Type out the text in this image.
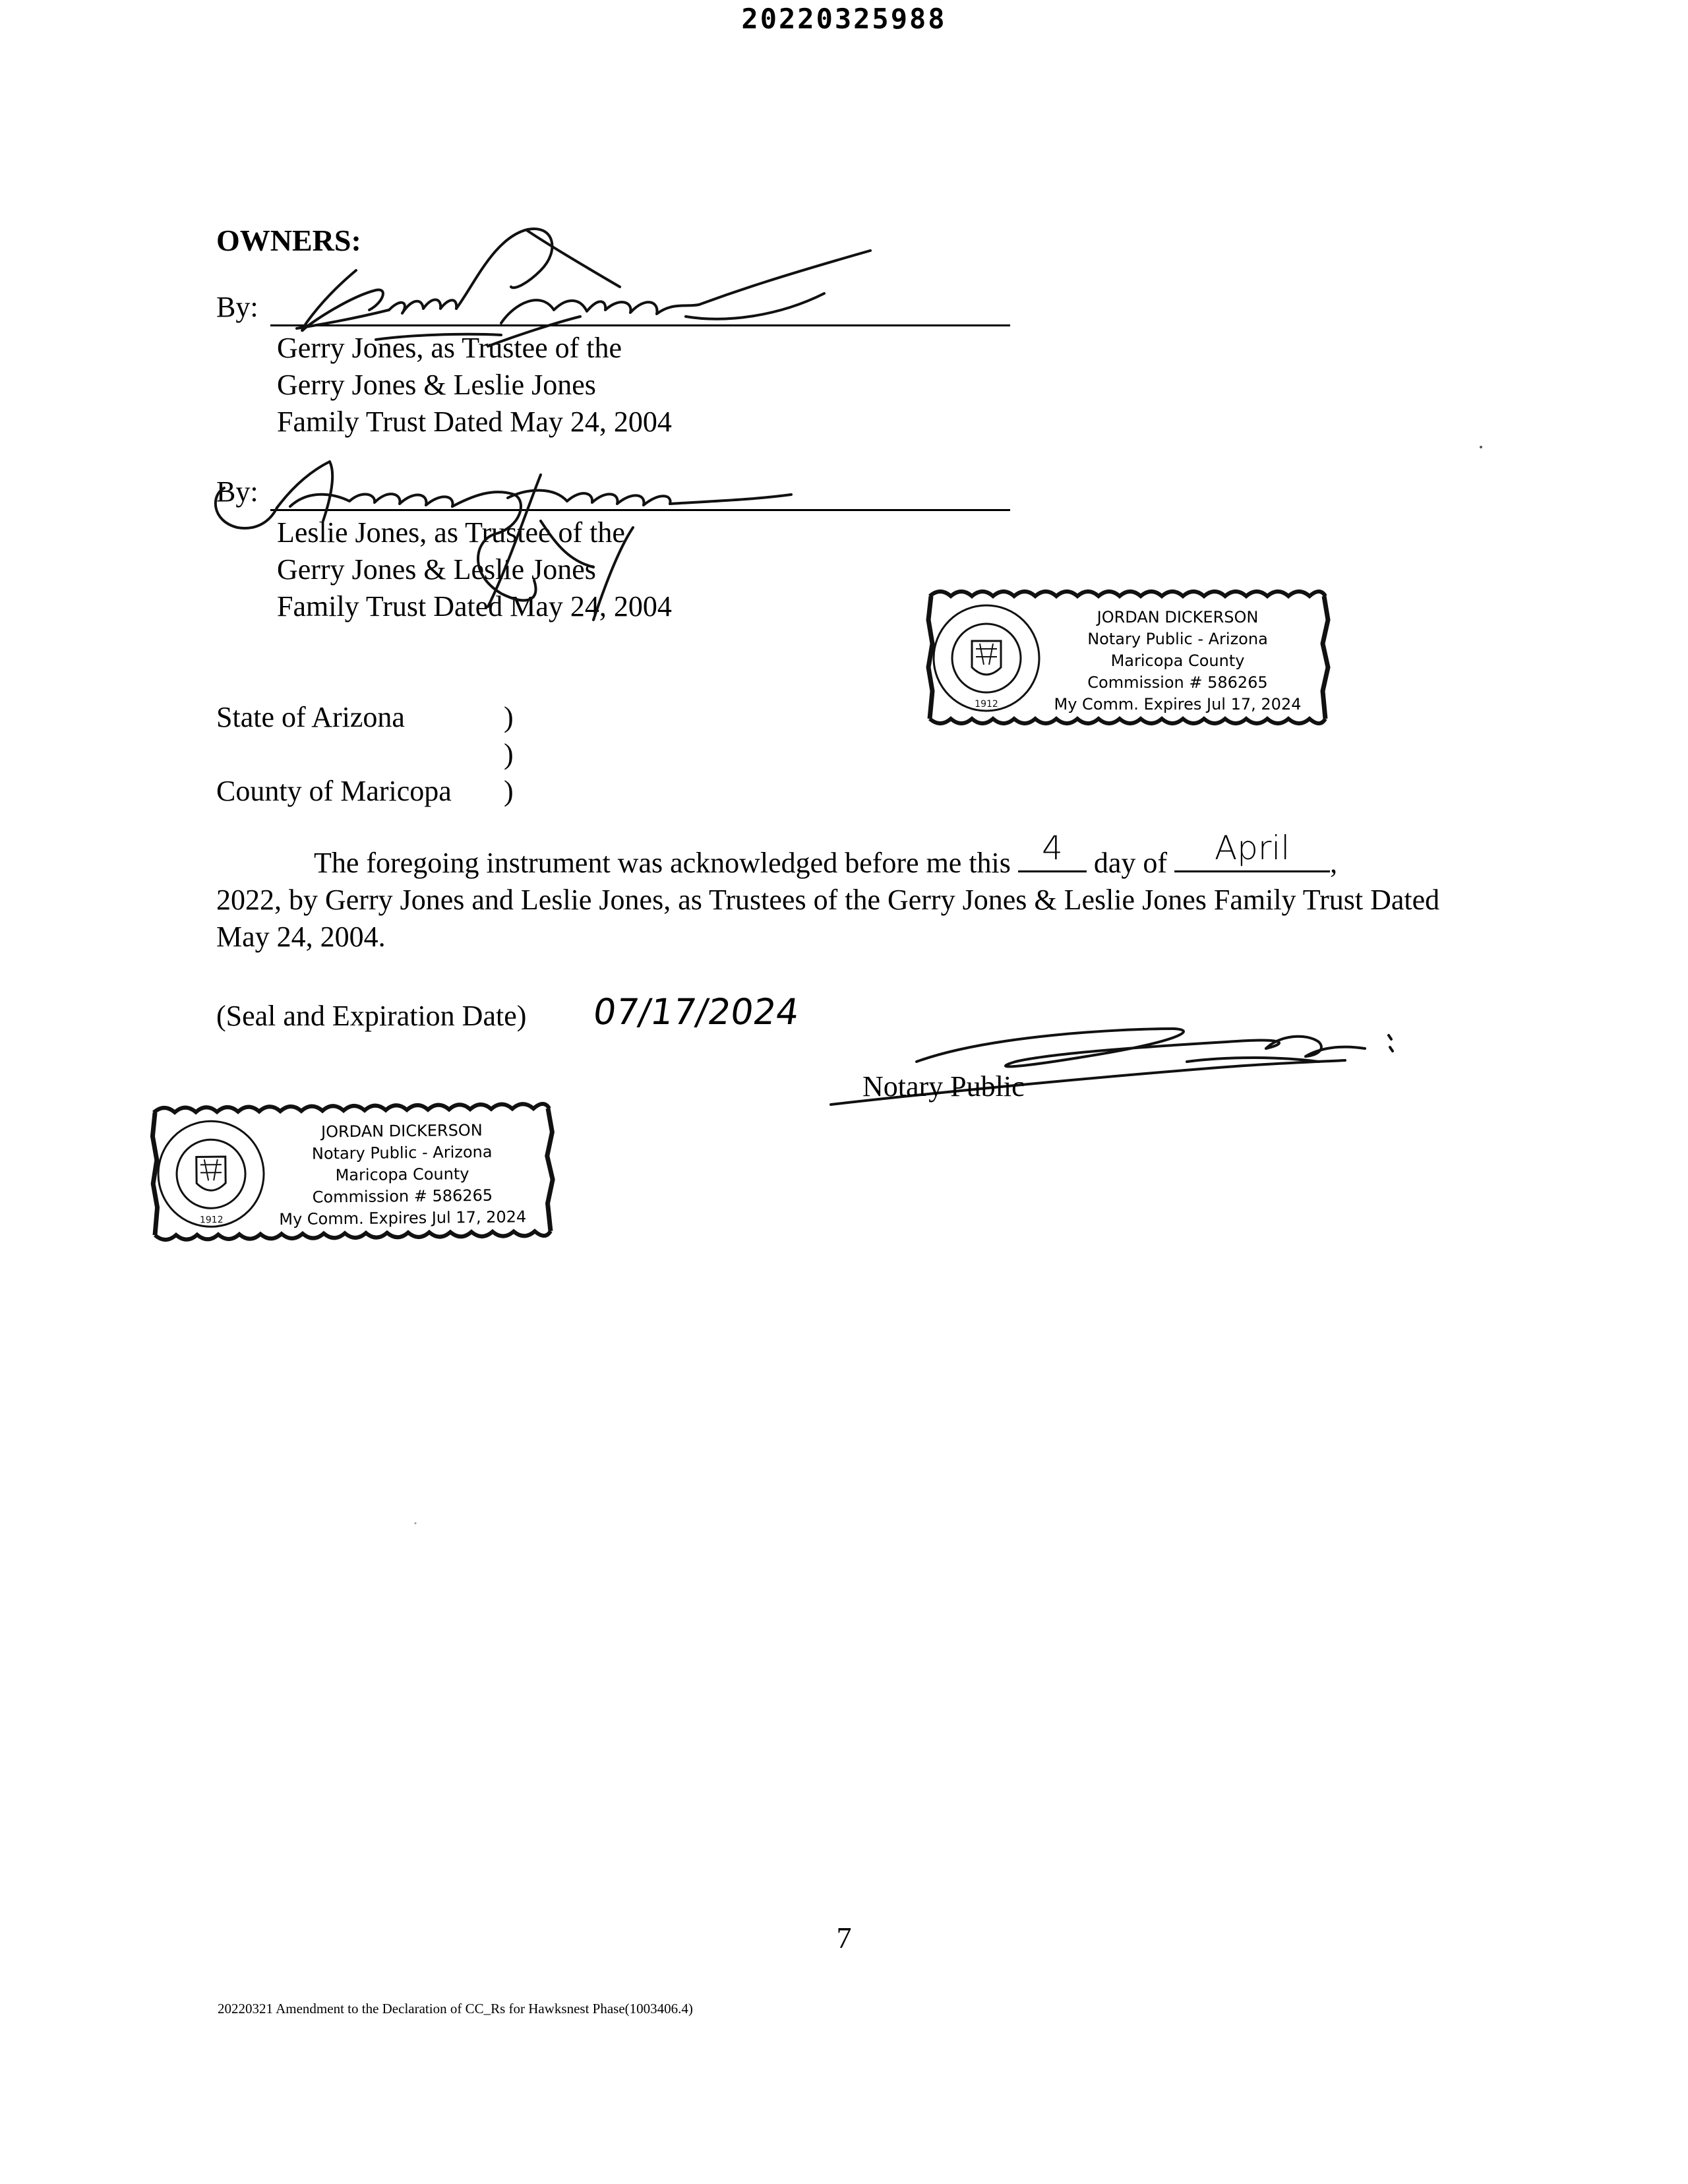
20220325988
OWNERS:
By:
Gerry Jones, as Trustee of the
Gerry Jones & Leslie Jones
Family Trust Dated May 24, 2004
By:
Leslie Jones, as Trustee of the
Gerry Jones & Leslie Jones
Family Trust Dated May 24, 2004
1912
JORDAN DICKERSON
Notary Public - Arizona
Maricopa County
Commission # 586265
My Comm. Expires Jul 17, 2024
State of Arizona	)
)
County of Maricopa )
The foregoing instrument was acknowledged before me this 4	day of	April	,
2022, by Gerry Jones and Leslie Jones, as Trustees of the Gerry Jones & Leslie Jones Family Trust Dated May 24, 2004.
(Seal and Expiration Date) 07/17/2024
Notary Public
1912
JORDAN DICKERSON
Notary Public - Arizona
Maricopa County
Commission # 586265
My Comm. Expires Jul 17, 2024
7
20220321 Amendment to the Declaration of CC_Rs for Hawksnest Phase(1003406.4)
